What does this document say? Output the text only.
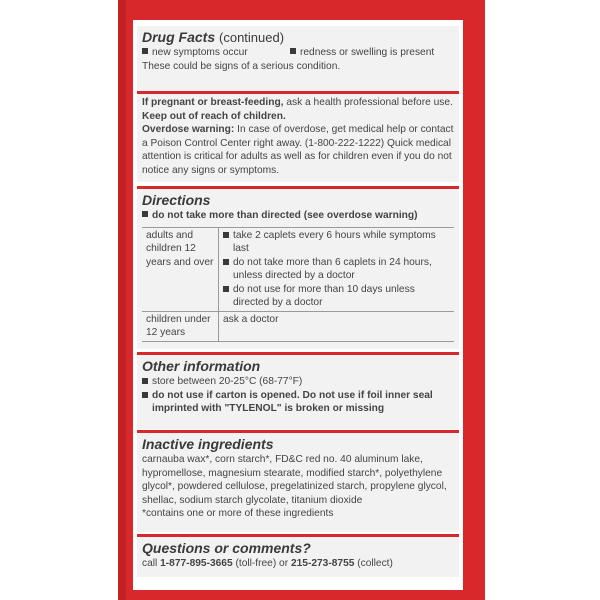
Drug Facts (continued)
new symptoms occur	redness or swelling is present
These could be signs of a serious condition.
If pregnant or breast-feeding, ask a health professional before use.
Keep out of reach of children.
Overdose warning: In case of overdose, get medical help or contact a Poison Control Center right away. (1-800-222-1222) Quick medical attention is critical for adults as well as for children even if you do not notice any signs or symptoms.
Directions
do not take more than directed (see overdose warning)
adults and children 12 years and over	take 2 caplets every 6 hours while symptoms last
do not take more than 6 caplets in 24 hours, unless directed by a doctor
do not use for more than 10 days unless directed by a doctor

children under 12 years	ask a doctor
Other information
store between 20-25°C (68-77°F)
do not use if carton is opened. Do not use if foil inner seal imprinted with "TYLENOL" is broken or missing
Inactive ingredients
carnauba wax*, corn starch*, FD&C red no. 40 aluminum lake, hypromellose, magnesium stearate, modified starch*, polyethylene glycol*, powdered cellulose, pregelatinized starch, propylene glycol, shellac, sodium starch glycolate, titanium dioxide
*contains one or more of these ingredients
Questions or comments?
call 1-877-895-3665 (toll-free) or 215-273-8755 (collect)
